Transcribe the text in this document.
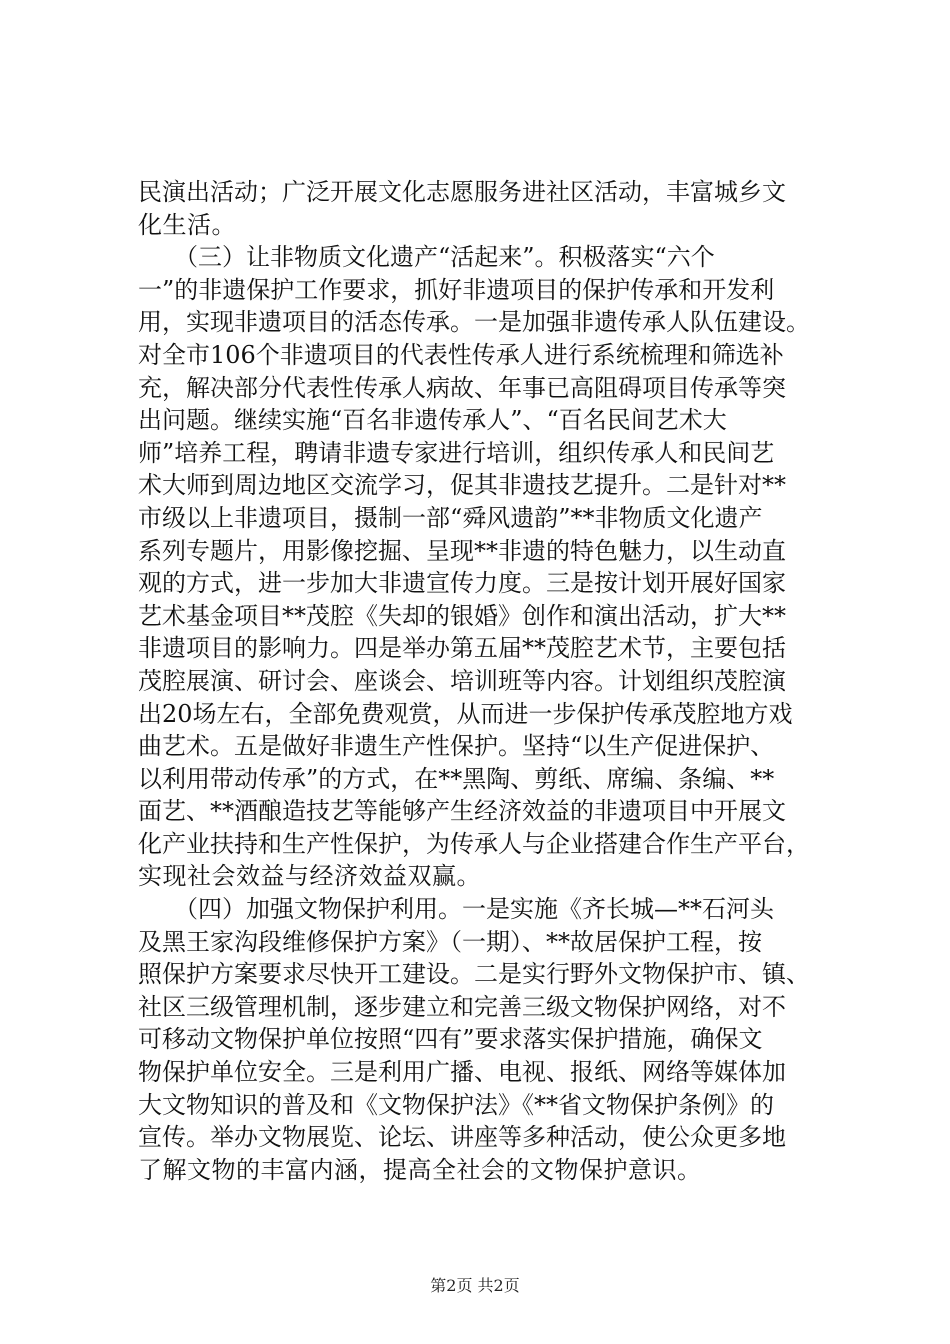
民演出活动；广泛开展文化志愿服务进社区活动，丰富城乡文
化生活。
　　（三）让非物质文化遗产“活起来”。积极落实“六个
一”的非遗保护工作要求，抓好非遗项目的保护传承和开发利
用，实现非遗项目的活态传承。一是加强非遗传承人队伍建设。
对全市106个非遗项目的代表性传承人进行系统梳理和筛选补
充，解决部分代表性传承人病故、年事已高阻碍项目传承等突
出问题。继续实施“百名非遗传承人”、“百名民间艺术大
师”培养工程，聘请非遗专家进行培训，组织传承人和民间艺
术大师到周边地区交流学习，促其非遗技艺提升。二是针对**
市级以上非遗项目，摄制一部“舜风遗韵”**非物质文化遗产
系列专题片，用影像挖掘、呈现**非遗的特色魅力，以生动直
观的方式，进一步加大非遗宣传力度。三是按计划开展好国家
艺术基金项目**茂腔《失却的银婚》创作和演出活动，扩大**
非遗项目的影响力。四是举办第五届**茂腔艺术节，主要包括
茂腔展演、研讨会、座谈会、培训班等内容。计划组织茂腔演
出20场左右，全部免费观赏，从而进一步保护传承茂腔地方戏
曲艺术。五是做好非遗生产性保护。坚持“以生产促进保护、
以利用带动传承”的方式，在**黑陶、剪纸、席编、条编、**
面艺、**酒酿造技艺等能够产生经济效益的非遗项目中开展文
化产业扶持和生产性保护，为传承人与企业搭建合作生产平台，
实现社会效益与经济效益双赢。
　　（四）加强文物保护利用。一是实施《齐长城—**石河头
及黑王家沟段维修保护方案》（一期）、**故居保护工程，按
照保护方案要求尽快开工建设。二是实行野外文物保护市、镇、
社区三级管理机制，逐步建立和完善三级文物保护网络，对不
可移动文物保护单位按照“四有”要求落实保护措施，确保文
物保护单位安全。三是利用广播、电视、报纸、网络等媒体加
大文物知识的普及和《文物保护法》《**省文物保护条例》的
宣传。举办文物展览、论坛、讲座等多种活动，使公众更多地
了解文物的丰富内涵，提高全社会的文物保护意识。
第2页 共2页
